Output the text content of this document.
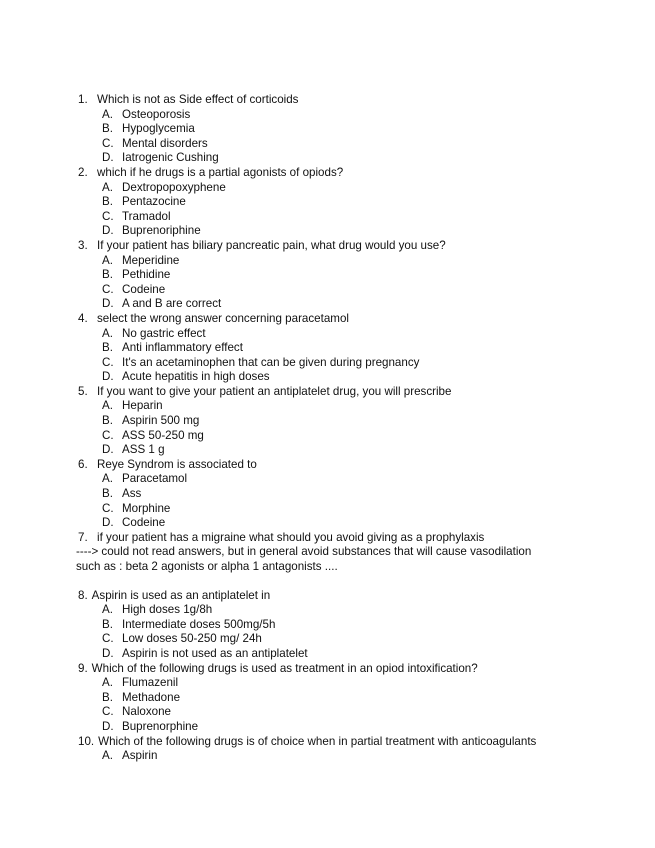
1. Which is not as Side effect of corticoids
A. Osteoporosis
B. Hypoglycemia
C. Mental disorders
D. Iatrogenic Cushing
2. which if he drugs is a partial agonists of opiods?
A. Dextropopoxyphene
B. Pentazocine
C. Tramadol
D. Buprenoriphine
3. If your patient has biliary pancreatic pain, what drug would you use?
A. Meperidine
B. Pethidine
C. Codeine
D. A and B are correct
4. select the wrong answer concerning paracetamol
A. No gastric effect
B. Anti inflammatory effect
C. It's an acetaminophen that can be given during pregnancy
D. Acute hepatitis in high doses
5. If you want to give your patient an antiplatelet drug, you will prescribe
A. Heparin
B. Aspirin 500 mg
C. ASS 50-250 mg
D. ASS 1 g
6. Reye Syndrom is associated to
A. Paracetamol
B. Ass
C. Morphine
D. Codeine
7. if your patient has a migraine what should you avoid giving as a prophylaxis
----> could not read answers, but in general avoid substances that will cause vasodilation
such as : beta 2 agonists or alpha 1 antagonists ....
8. Aspirin is used as an antiplatelet in
A. High doses 1g/8h
B. Intermediate doses 500mg/5h
C. Low doses 50-250 mg/ 24h
D. Aspirin is not used as an antiplatelet
9. Which of the following drugs is used as treatment in an opiod intoxification?
A. Flumazenil
B. Methadone
C. Naloxone
D. Buprenorphine
10. Which of the following drugs is of choice when in partial treatment with anticoagulants
A. Aspirin
